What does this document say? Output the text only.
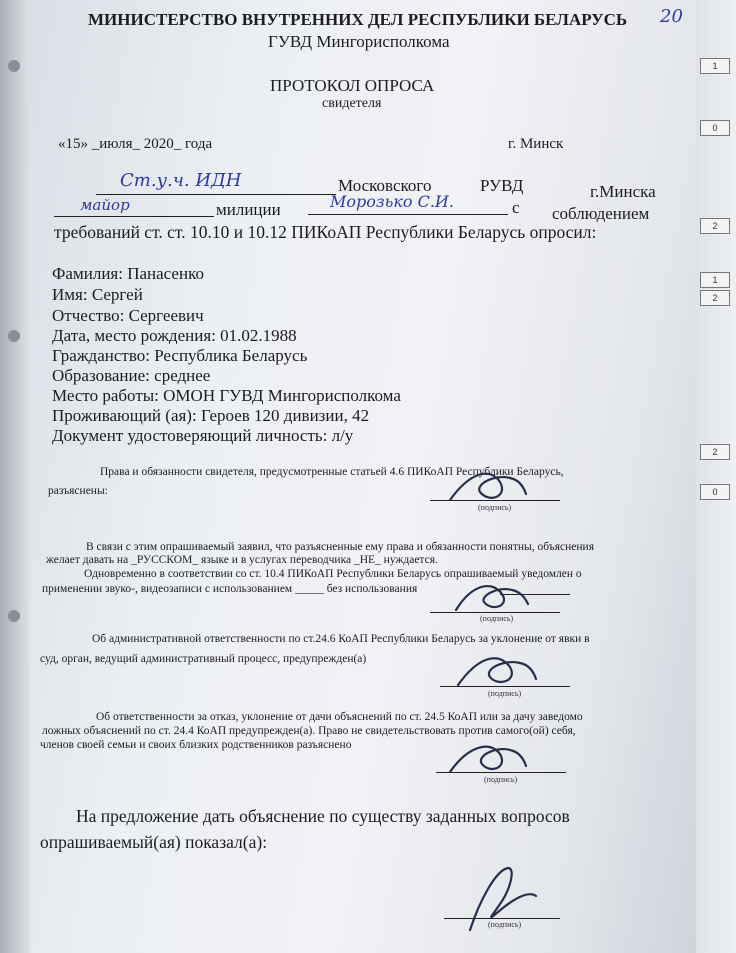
1
0
2
1
2
2
0
20
МИНИСТЕРСТВО ВНУТРЕННИХ ДЕЛ РЕСПУБЛИКИ БЕЛАРУСЬ
ГУВД Мингорисполкома
ПРОТОКОЛ ОПРОСА
свидетеля
«15» _июля_ 2020_ года	г. Минск
Ст.у.ч. ИДН	Московского	РУВД	г.Минска
майор	милиции	Морозько С.И.	с соблюдением
требований ст. ст. 10.10 и 10.12 ПИКоАП Республики Беларусь опросил:
Фамилия: Панасенко
Имя: Сергей
Отчество: Сергеевич
Дата, место рождения: 01.02.1988
Гражданство: Республика Беларусь
Образование: среднее
Место работы: ОМОН ГУВД Мингорисполкома
Проживающий (ая): Героев 120 дивизии, 42
Документ удостоверяющий личность: л/у
Права и обязанности свидетеля, предусмотренные статьей 4.6 ПИКоАП Республики Беларусь,
разъяснены:
(подпись)
В связи с этим опрашиваемый заявил, что разъясненные ему права и обязанности понятны, объяснения
желает давать на _РУССКОМ_ языке и в услугах переводчика _НЕ_ нуждается.
Одновременно в соответствии со ст. 10.4 ПИКоАП Республики Беларусь опрашиваемый уведомлен о
применении звуко-, видеозаписи с использованием _____ без использования
(подпись)
Об административной ответственности по ст.24.6 КоАП Республики Беларусь за уклонение от явки в
суд, орган, ведущий административный процесс, предупрежден(а)
(подпись)
Об ответственности за отказ, уклонение от дачи объяснений по ст. 24.5 КоАП или за дачу заведомо
ложных объяснений по ст. 24.4 КоАП предупрежден(а). Право не свидетельствовать против самого(ой) себя,
членов своей семьи и своих близких родственников разъяснено
(подпись)
На предложение дать объяснение по существу заданных вопросов
опрашиваемый(ая) показал(а):
(подпись)
